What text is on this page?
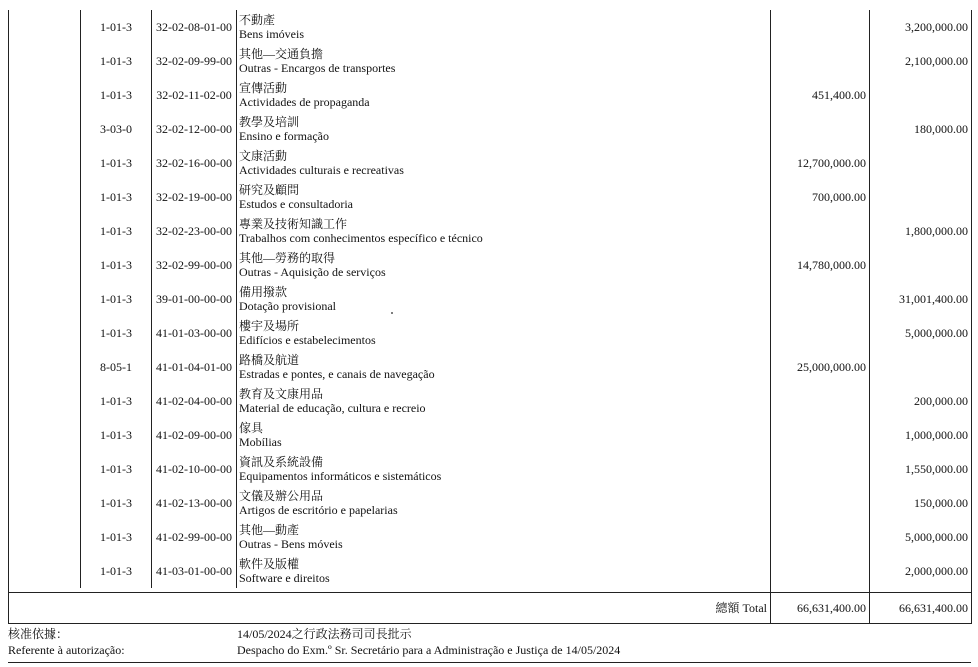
	1-01-3	32-02-08-01-00	不動產
Bens imóveis		3,200,000.00
	1-01-3	32-02-09-99-00	其他—交通負擔
Outras - Encargos de transportes		2,100,000.00
	1-01-3	32-02-11-02-00	宣傳活動
Actividades de propaganda	451,400.00	
	3-03-0	32-02-12-00-00	教學及培訓
Ensino e formação		180,000.00
	1-01-3	32-02-16-00-00	文康活動
Actividades culturais e recreativas	12,700,000.00	
	1-01-3	32-02-19-00-00	研究及顧問
Estudos e consultadoria	700,000.00	
	1-01-3	32-02-23-00-00	專業及技術知識工作
Trabalhos com conhecimentos específico e técnico		1,800,000.00
	1-01-3	32-02-99-00-00	其他—勞務的取得
Outras - Aquisição de serviços	14,780,000.00	
	1-01-3	39-01-00-00-00	備用撥款
Dotação provisional		31,001,400.00
	1-01-3	41-01-03-00-00	樓宇及場所
Edifícios e estabelecimentos		5,000,000.00
	8-05-1	41-01-04-01-00	路橋及航道
Estradas e pontes, e canais de navegação	25,000,000.00	
	1-01-3	41-02-04-00-00	教育及文康用品
Material de educação, cultura e recreio		200,000.00
	1-01-3	41-02-09-00-00	傢具
Mobílias		1,000,000.00
	1-01-3	41-02-10-00-00	資訊及系統設備
Equipamentos informáticos e sistemáticos		1,550,000.00
	1-01-3	41-02-13-00-00	文儀及辦公用品
Artigos de escritório e papelarias		150,000.00
	1-01-3	41-02-99-00-00	其他—動產
Outras - Bens móveis		5,000,000.00
	1-01-3	41-03-01-00-00	軟件及版權
Software e direitos		2,000,000.00

總額 Total				66,631,400.00	66,631,400.00
核准依據：
Referente à autorização:
14/05/2024之行政法務司司長批示
Despacho do Exm.º Sr. Secretário para a Administração e Justiça de 14/05/2024
